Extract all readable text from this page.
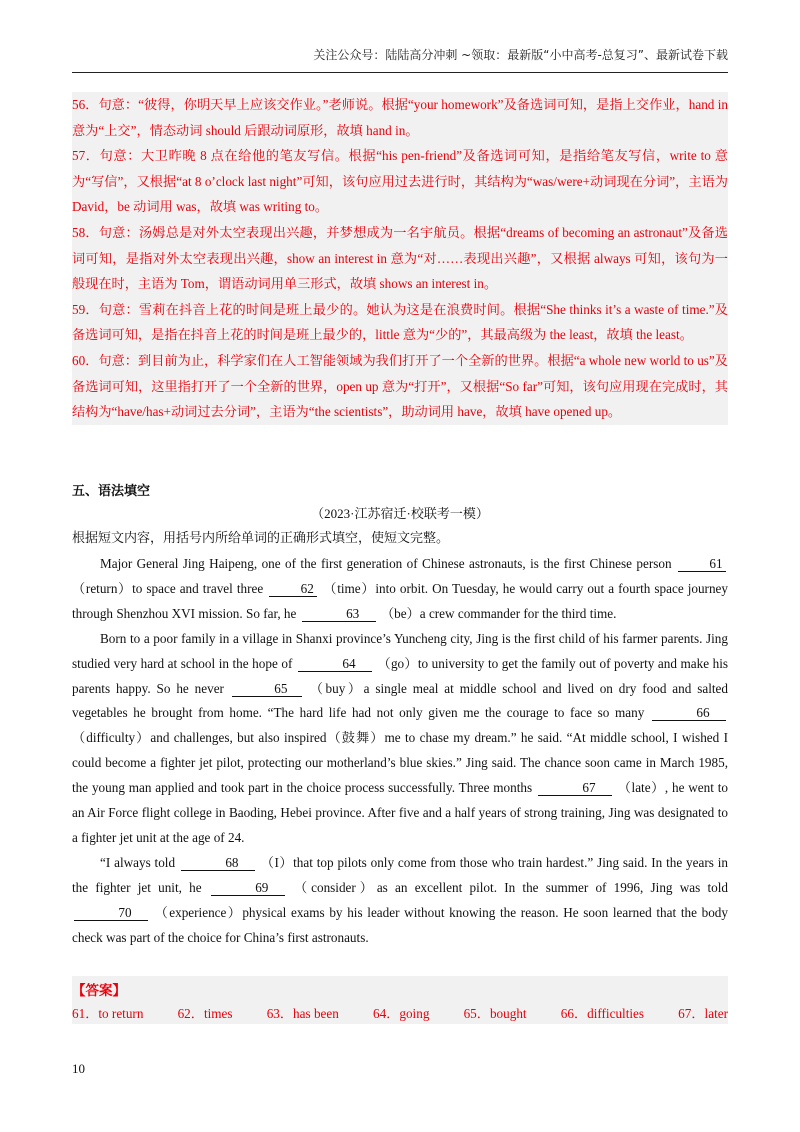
关注公众号：陆陆高分冲刺 ~领取：最新版“小中高考-总复习”、最新试卷下载

56．句意：“彼得，你明天早上应该交作业。”老师说。根据“your homework”及备选词可知，是指上交作业，hand in 意为“上交”，情态动词 should 后跟动词原形，故填 hand in。

57．句意：大卫昨晚 8 点在给他的笔友写信。根据“his pen-friend”及备选词可知，是指给笔友写信，write to 意为“写信”，又根据“at 8 o’clock last night”可知，该句应用过去进行时，其结构为“was/were+动词现在分词”，主语为 David，be 动词用 was，故填 was writing to。

58．句意：汤姆总是对外太空表现出兴趣，并梦想成为一名宇航员。根据“dreams of becoming an astronaut”及备选词可知，是指对外太空表现出兴趣，show an interest in 意为“对……表现出兴趣”，又根据 always 可知，该句为一般现在时，主语为 Tom，谓语动词用单三形式，故填 shows an interest in。

59．句意：雪莉在抖音上花的时间是班上最少的。她认为这是在浪费时间。根据“She thinks it’s a waste of time.”及备选词可知，是指在抖音上花的时间是班上最少的，little 意为“少的”，其最高级为 the least，故填 the least。

60．句意：到目前为止，科学家们在人工智能领域为我们打开了一个全新的世界。根据“a whole new world to us”及备选词可知，这里指打开了一个全新的世界，open up 意为“打开”，又根据“So far”可知，该句应用现在完成时，其结构为“have/has+动词过去分词”，主语为“the scientists”，助动词用 have，故填 have opened up。

五、语法填空
（2023·江苏宿迁·校联考一模）
根据短文内容，用括号内所给单词的正确形式填空，使短文完整。

Major General Jing Haipeng, one of the first generation of Chinese astronauts, is the first Chinese person	61 （return）to space and travel three	62 （time）into orbit. On Tuesday, he would carry out a fourth space journey through Shenzhou XVI mission. So far, he	63 （be）a crew commander for the third time.

Born to a poor family in a village in Shanxi province’s Yuncheng city, Jing is the first child of his farmer parents. Jing studied very hard at school in the hope of	64 （go）to university to get the family out of poverty and make his parents happy. So he never	65 （buy）a single meal at middle school and lived on dry food and salted vegetables he brought from home. “The hard life had not only given me the courage to face so many	66 （difficulty）and challenges, but also inspired（鼓舞）me to chase my dream.” he said. “At middle school, I wished I could become a fighter jet pilot, protecting our motherland’s blue skies.” Jing said. The chance soon came in March 1985, the young man applied and took part in the choice process successfully. Three months	67 （late）, he went to an Air Force flight college in Baoding, Hebei province. After five and a half years of strong training, Jing was designated to a fighter jet unit at the age of 24.

“I always told	68 （I）that top pilots only come from those who train hardest.” Jing said. In the years in the fighter jet unit, he	69 （consider）as an excellent pilot. In the summer of 1996, Jing was told 70 （experience）physical exams by his leader without knowing the reason. He soon learned that the body check was part of the choice for China’s first astronauts.

【答案】
61．to return	62．times	63．has been	64．going	65．bought	66．difficulties	67．later
10
